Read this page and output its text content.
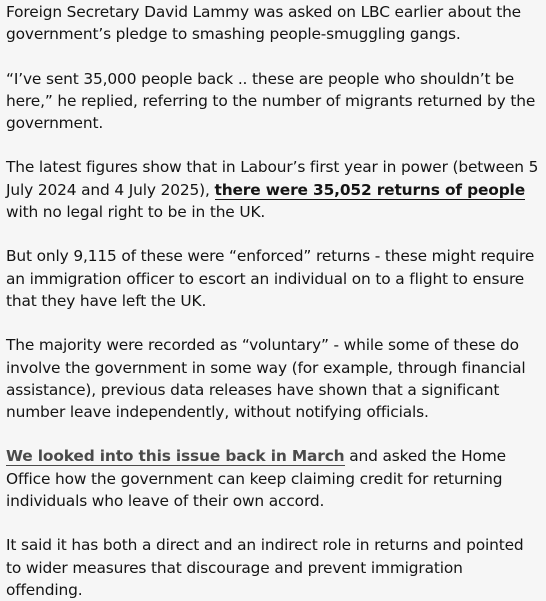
Foreign Secretary David Lammy was asked on LBC earlier about the government’s pledge to smashing people-smuggling gangs.

“I’ve sent 35,000 people back .. these are people who shouldn’t be here,” he replied, referring to the number of migrants returned by the government.

The latest figures show that in Labour’s first year in power (between 5 July 2024 and 4 July 2025), there were 35,052 returns of people with no legal right to be in the UK.

But only 9,115 of these were “enforced” returns - these might require an immigration officer to escort an individual on to a flight to ensure that they have left the UK.

The majority were recorded as “voluntary” - while some of these do involve the government in some way (for example, through financial assistance), previous data releases have shown that a significant number leave independently, without notifying officials.

We looked into this issue back in March and asked the Home Office how the government can keep claiming credit for returning individuals who leave of their own accord.

It said it has both a direct and an indirect role in returns and pointed to wider measures that discourage and prevent immigration offending.
